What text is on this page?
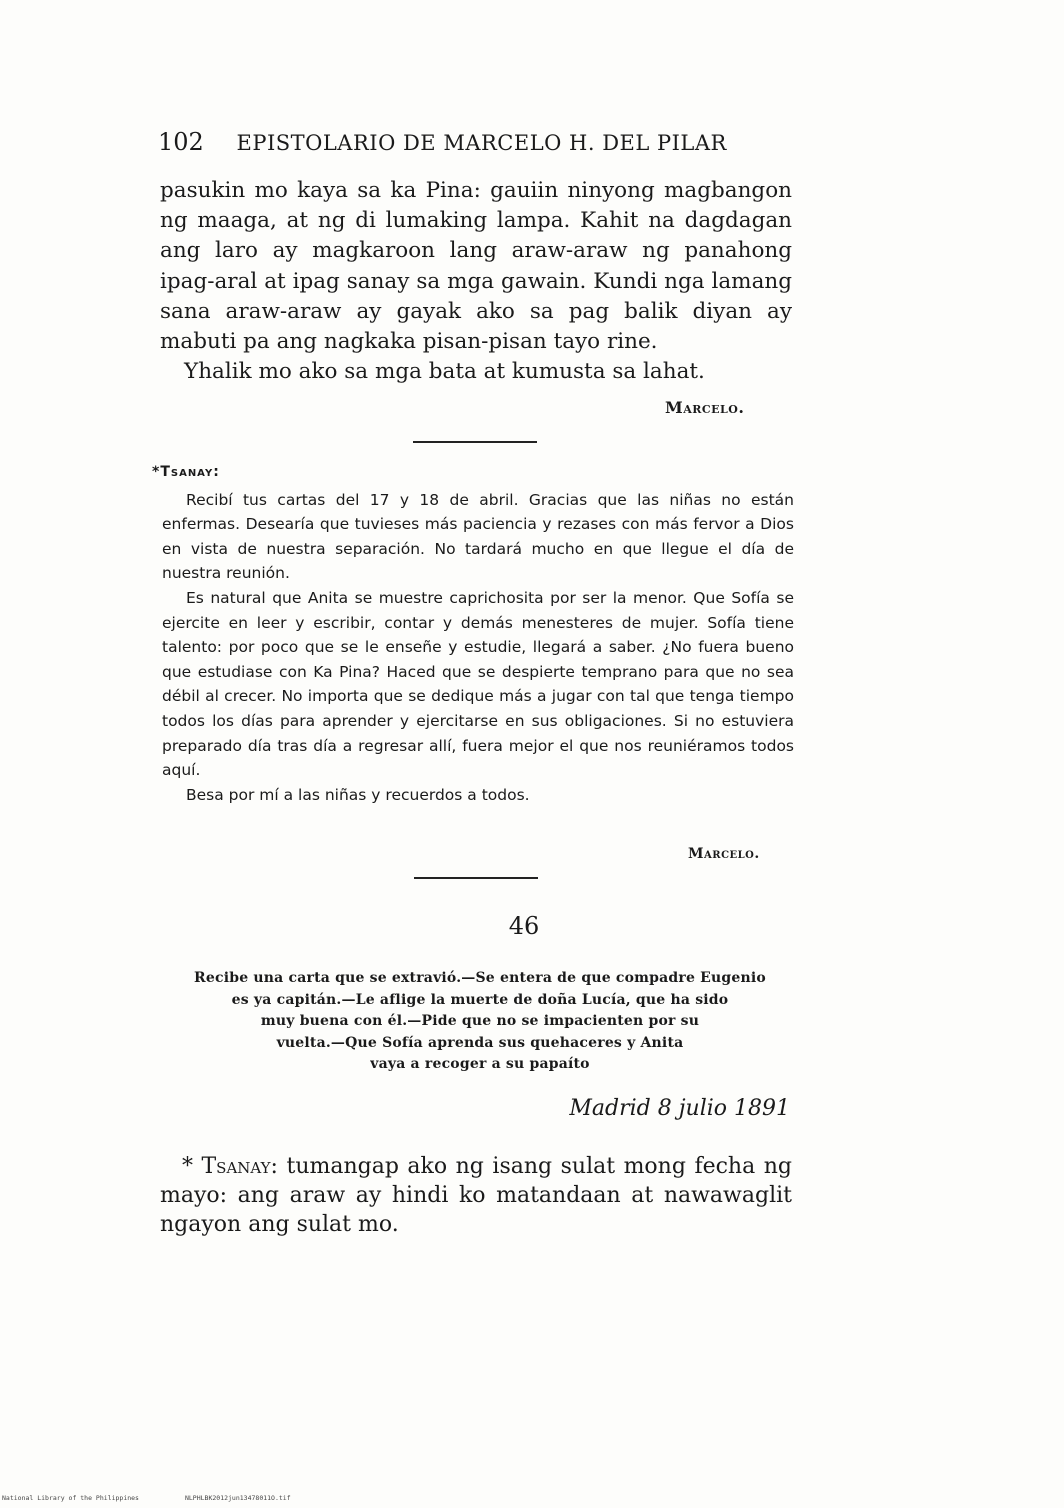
102 EPISTOLARIO DE MARCELO H. DEL PILAR

pasukin mo kaya sa ka Pina: gauiin ninyong magbangon ng maaga, at ng di lumaking lampa. Kahit na dagdagan ang laro ay magkaroon lang araw-araw ng panahong ipag-aral at ipag sanay sa mga gawain. Kundi nga lamang sana araw-araw ay gayak ako sa pag balik diyan ay mabuti pa ang nagkaka pisan-pisan tayo rine.

Yhalik mo ako sa mga bata at kumusta sa lahat.

Marcelo.

*Tsanay:

Recibí tus cartas del 17 y 18 de abril. Gracias que las niñas no están enfermas. Desearía que tuvieses más paciencia y rezases con más fervor a Dios en vista de nuestra separación. No tardará mucho en que llegue el día de nuestra reunión.

Es natural que Anita se muestre caprichosita por ser la menor. Que Sofía se ejercite en leer y escribir, contar y demás menesteres de mujer. Sofía tiene talento: por poco que se le enseñe y estudie, llegará a saber. ¿No fuera bueno que estudiase con Ka Pina? Haced que se despierte temprano para que no sea débil al crecer. No importa que se dedique más a jugar con tal que tenga tiempo todos los días para aprender y ejercitarse en sus obligaciones. Si no estuviera preparado día tras día a regresar allí, fuera mejor el que nos reuniéramos todos aquí.

Besa por mí a las niñas y recuerdos a todos.

Marcelo.
46
Recibe una carta que se extravió.—Se entera de que compadre Eugenio
es ya capitán.—Le aflige la muerte de doña Lucía, que ha sido
muy buena con él.—Pide que no se impacienten por su
vuelta.—Que Sofía aprenda sus quehaceres y Anita
vaya a recoger a su papaíto
Madrid 8 julio 1891

* Tsanay: tumangap ako ng isang sulat mong fecha ng mayo: ang araw ay hindi ko matandaan at nawawaglit ngayon ang sulat mo.

National Library of the Philippines	NLPHLBK2012jun13478011O.tif
